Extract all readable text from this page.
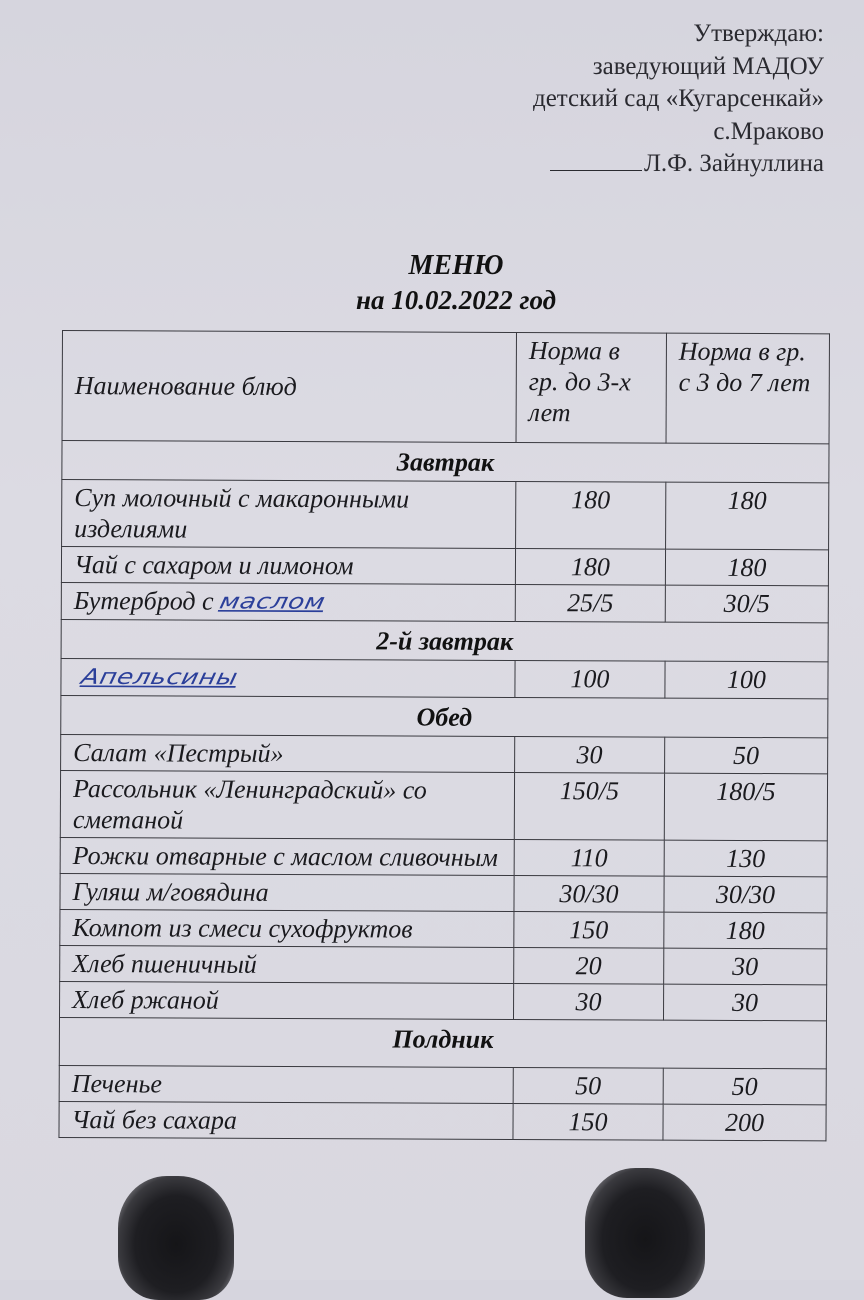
Утверждаю:
заведующий МАДОУ
детский сад «Кугарсенкай»
с.Мраково
Л.Ф. Зайнуллина
МЕНЮ
на 10.02.2022 год
Наименование блюд	Норма в гр. до 3-х лет	Норма в гр. с 3 до 7 лет
Завтрак		
Суп молочный с макаронными изделиями	180	180
Чай с сахаром и лимоном	180	180
Бутерброд с маслом	25/5	30/5
2-й завтрак		
Апельсины	100	100
Обед		
Салат «Пестрый»	30	50
Рассольник «Ленинградский» со сметаной	150/5	180/5
Рожки отварные с маслом сливочным	110	130
Гуляш м/говядина	30/30	30/30
Компот из смеси сухофруктов	150	180
Хлеб пшеничный	20	30
Хлеб ржаной	30	30
Полдник		
Печенье	50	50
Чай без сахара	150	200
